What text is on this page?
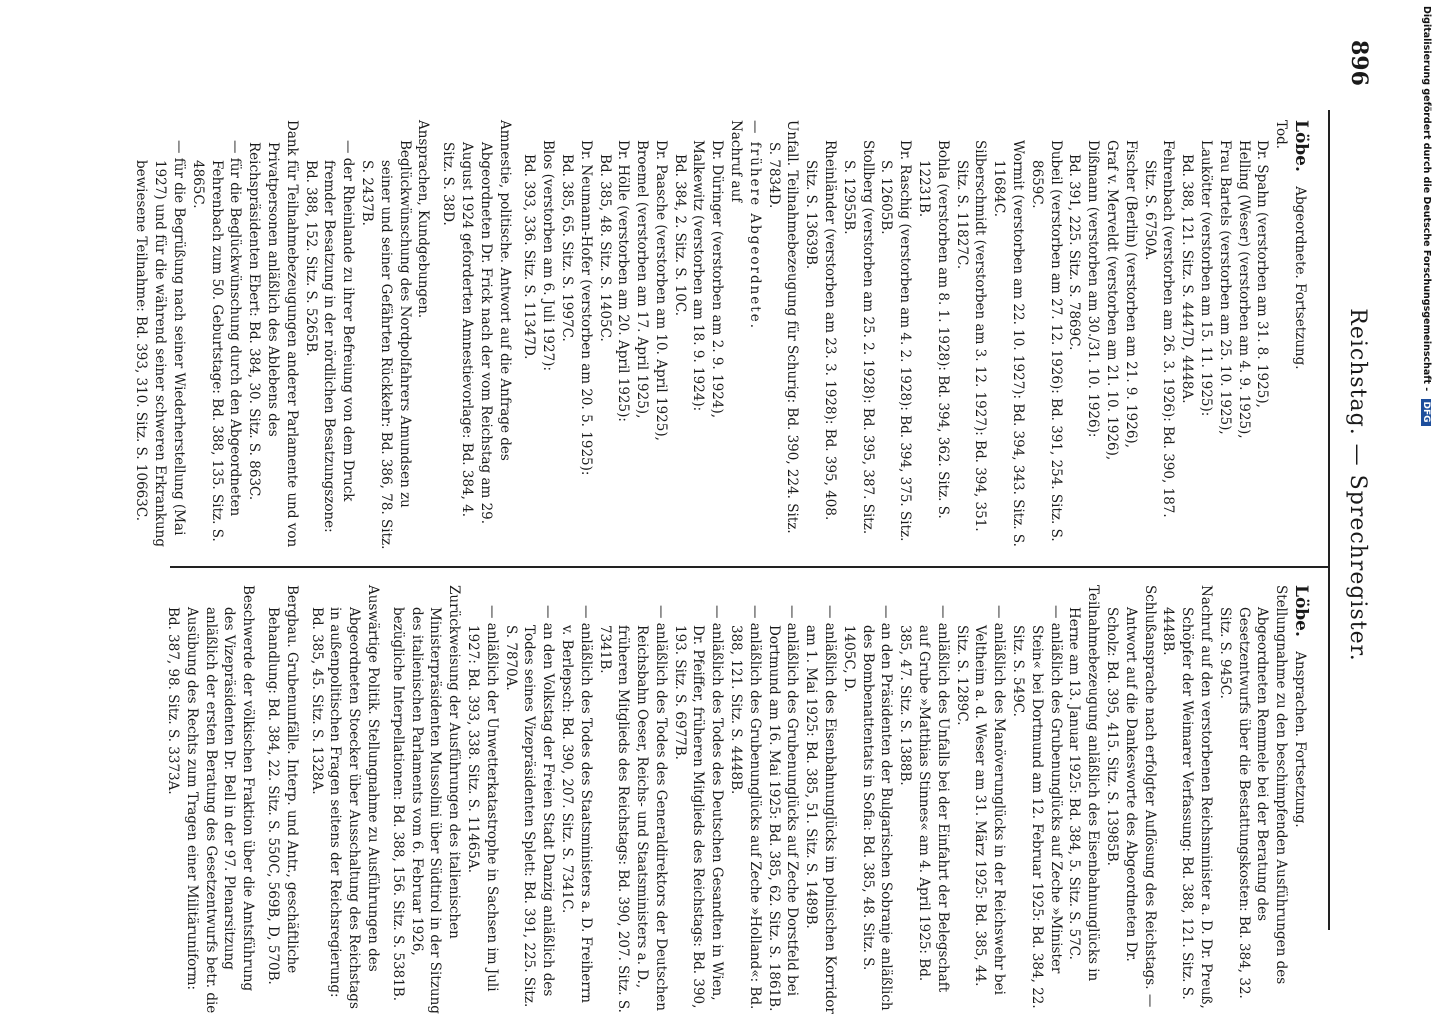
896
Reichstag. — Sprechregister.
Löbe. Abgeordnete. Fortsetzung.

Tod.

Dr. Spahn (verstorben am 31. 8. 1925),

Helling (Weser) (verstorben am 4. 9. 1925),

Frau Bartels (verstorben am 25. 10. 1925),

Laukötter (verstorben am 15. 11. 1925):

Bd. 388, 121. Sitz. S. 4447D, 4448A.

Fehrenbach (verstorben am 26. 3. 1926): Bd. 390, 187. Sitz. S. 6750A.

Fischer (Berlin) (verstorben am 21. 9. 1926),

Graf v. Merveldt (verstorben am 21. 10. 1926),

Dißmann (verstorben am 30./31. 10. 1926):

Bd. 391, 225. Sitz. S. 7869C.

Dubeil (verstorben am 27. 12. 1926): Bd. 391, 254. Sitz. S. 8659C.

Wormit (verstorben am 22. 10. 1927): Bd. 394, 343. Sitz. S. 11684C.

Silberschmidt (verstorben am 3. 12. 1927): Bd. 394, 351. Sitz. S. 11827C.

Bohla (verstorben am 8. 1. 1928): Bd. 394, 362. Sitz. S. 12231B.

Dr. Raschig (verstorben am 4. 2. 1928): Bd. 394, 375. Sitz. S. 12605B.

Stollberg (verstorben am 25. 2. 1928): Bd. 395, 387. Sitz. S. 12955B.

Rheinländer (verstorben am 23. 3. 1928): Bd. 395, 408. Sitz. S. 13639B.

Unfall. Teilnahmebezeugung für Schurig: Bd. 390, 224. Sitz. S. 7834D.

— frühere Abgeordnete.

Nachruf auf

Dr. Düringer (verstorben am 2. 9. 1924),

Malkewitz (verstorben am 18. 9. 1924):

Bd. 384, 2. Sitz. S. 10C.

Dr. Paasche (verstorben am 10. April 1925),

Broemel (verstorben am 17. April 1925),

Dr. Hölle (verstorben am 20. April 1925):

Bd. 385, 48. Sitz. S. 1405C.

Dr. Neumann-Hofer (verstorben am 20. 5. 1925):

Bd. 385, 65. Sitz. S. 1997C.

Blos (verstorben am 6. Juli 1927):

Bd. 393, 336. Sitz. S. 11347D.

Amnestie, politische. Antwort auf die Anfrage des Abgeordneten Dr. Frick nach der vom Reichstag am 29. August 1924 geforderten Amnestievorlage: Bd. 384, 4. Sitz. S. 38D.

Ansprachen, Kundgebungen.

Beglückwünschung des Nordpolfahrers Amundsen zu seiner und seiner Gefährten Rückkehr: Bd. 386, 78. Sitz. S. 2437B.

— der Rheinlande zu ihrer Befreiung von dem Druck fremder Besatzung in der nördlichen Besatzungszone: Bd. 388, 152. Sitz. S. 5265B.

Dank für Teilnahmebezeugungen anderer Parlamente und von Privatpersonen anläßlich des Ablebens des Reichspräsidenten Ebert: Bd. 384, 30. Sitz. S. 863C.

— für die Beglückwünschung durch den Abgeordneten Fehrenbach zum 50. Geburtstage: Bd. 388, 135. Sitz. S. 4865C.

— für die Begrüßung nach seiner Wiederherstellung (Mai 1927) und für die während seiner schweren Erkrankung bewiesene Teilnahme: Bd. 393, 310. Sitz. S. 10663C.

Löbe. Ansprachen. Fortsetzung.

Stellungnahme zu den beschimpfenden Ausführungen des Abgeordneten Remmele bei der Beratung des Gesetzentwurfs über die Bestattungskosten: Bd. 384, 32. Sitz. S. 945C.

Nachruf auf den verstorbenen Reichsminister a. D. Dr. Preuß, Schöpfer der Weimarer Verfassung: Bd. 388, 121. Sitz. S. 4448B.

Schlußansprache nach erfolgter Auflösung des Reichstags. — Antwort auf die Dankesworte des Abgeordneten Dr. Scholz: Bd. 395, 415. Sitz. S. 13985B.

Teilnahmebezeugung anläßlich des Eisenbahnunglücks in Herne am 13. Januar 1925: Bd. 384, 5. Sitz. S. 57C.

— anläßlich des Grubenunglücks auf Zeche »Minister Stein« bei Dortmund am 12. Februar 1925: Bd. 384, 22. Sitz. S. 549C.

— anläßlich des Manöverunglücks in der Reichswehr bei Veltheim a. d. Weser am 31. März 1925: Bd. 385, 44. Sitz. S. 1289C.

— anläßlich des Unfalls bei der Einfahrt der Belegschaft auf Grube »Matthias Stinnes« am 4. April 1925: Bd. 385, 47. Sitz. S. 1388B.

— an den Präsidenten der Bulgarischen Sobranje anläßlich des Bombenattentats in Sofia: Bd. 385, 48. Sitz. S. 1405C, D.

— anläßlich des Eisenbahnunglücks im polnischen Korridor am 1. Mai 1925: Bd. 385, 51. Sitz. S. 1489B.

— anläßlich des Grubenunglücks auf Zeche Dorstfeld bei Dortmund am 16. Mai 1925: Bd. 385, 62. Sitz. S. 1861B.

— anläßlich des Grubenunglücks auf Zeche »Holland«: Bd. 388, 121. Sitz. S. 4448B.

— anläßlich des Todes des Deutschen Gesandten in Wien, Dr. Pfeiffer, früheren Mitglieds des Reichstags: Bd. 390, 193. Sitz. S. 6977B.

— anläßlich des Todes des Generaldirektors der Deutschen Reichsbahn Oeser, Reichs- und Staatsministers a. D., früheren Mitglieds des Reichstags: Bd. 390, 207. Sitz. S. 7341B.

— anläßlich des Todes des Staatsministers a. D. Freiherrn v. Berlepsch: Bd. 390, 207. Sitz. S. 7341C.

— an den Volkstag der Freien Stadt Danzig anläßlich des Todes seines Vizepräsidenten Splett: Bd. 391, 225. Sitz. S. 7870A.

— anläßlich der Unwetterkatastrophe in Sachsen im Juli 1927: Bd. 393, 338. Sitz. S. 11465A.

Zurückweisung der Ausführungen des italienischen Ministerpräsidenten Mussolini über Südtirol in der Sitzung des italienischen Parlaments vom 6. Februar 1926, bezügliche Interpellationen: Bd. 388, 156. Sitz. S. 5381B.

Auswärtige Politik. Stellungnahme zu Ausführungen des Abgeordneten Stoecker über Ausschaltung des Reichstags in außenpolitischen Fragen seitens der Reichsregierung: Bd. 385, 45. Sitz. S. 1328A.

Bergbau. Grubenunfälle. Interp. und Antr., geschäftliche Behandlung: Bd. 384, 22. Sitz. S. 550C, 569B, D, 570B.

Beschwerde der völkischen Fraktion über die Amtsführung des Vizepräsidenten Dr. Bell in der 97. Plenarsitzung anläßlich der ersten Beratung des Gesetzentwurfs betr. die Ausübung des Rechts zum Tragen einer Militäruniform: Bd. 387, 98. Sitz. S. 3373A.

Digitalisierung gefördert durch die Deutsche Forschungsgemeinschaft - DFG
